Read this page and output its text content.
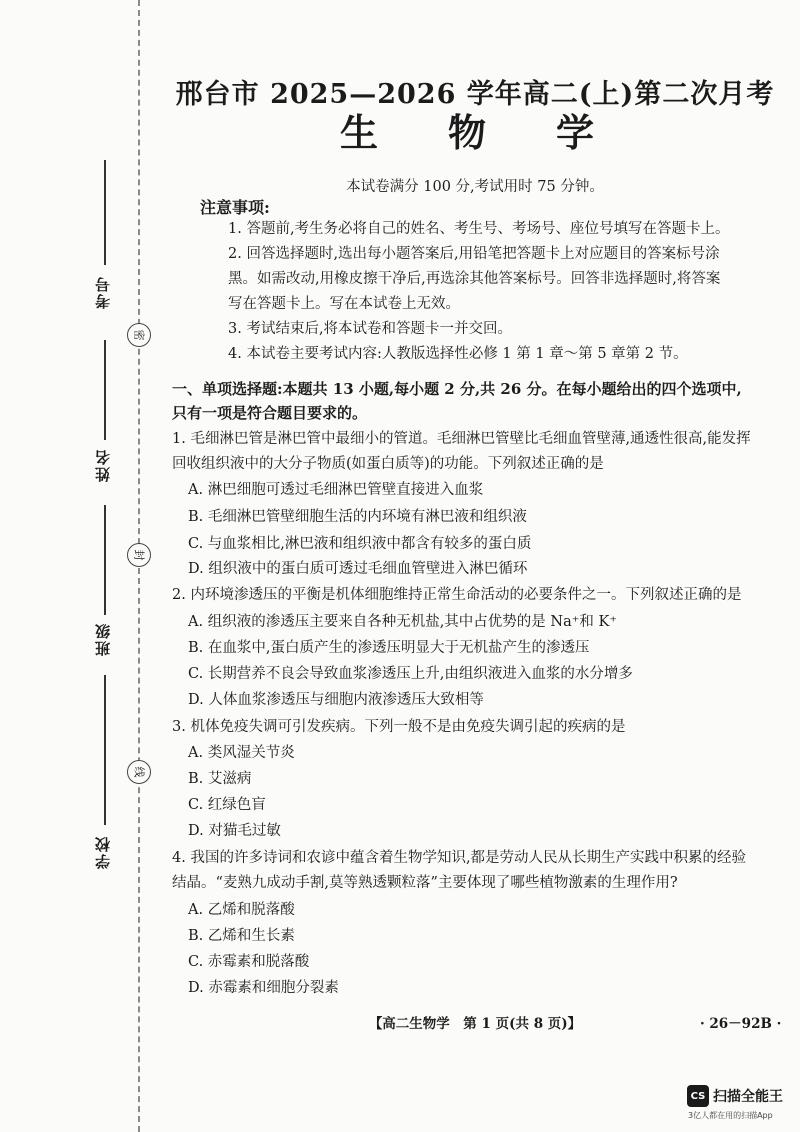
考号
姓名
班级
学校
密
封
线
邢台市 2025—2026 学年高二(上)第二次月考
生　物　学
本试卷满分 100 分,考试用时 75 分钟。
注意事项:
1. 答题前,考生务必将自己的姓名、考生号、考场号、座位号填写在答题卡上。
2. 回答选择题时,选出每小题答案后,用铅笔把答题卡上对应题目的答案标号涂黑。如需改动,用橡皮擦干净后,再选涂其他答案标号。回答非选择题时,将答案写在答题卡上。写在本试卷上无效。
3. 考试结束后,将本试卷和答题卡一并交回。
4. 本试卷主要考试内容:人教版选择性必修 1 第 1 章～第 5 章第 2 节。
一、单项选择题:本题共 13 小题,每小题 2 分,共 26 分。在每小题给出的四个选项中,只有一项是符合题目要求的。
1. 毛细淋巴管是淋巴管中最细小的管道。毛细淋巴管壁比毛细血管壁薄,通透性很高,能发挥回收组织液中的大分子物质(如蛋白质等)的功能。下列叙述正确的是
A. 淋巴细胞可透过毛细淋巴管壁直接进入血浆
B. 毛细淋巴管壁细胞生活的内环境有淋巴液和组织液
C. 与血浆相比,淋巴液和组织液中都含有较多的蛋白质
D. 组织液中的蛋白质可透过毛细血管壁进入淋巴循环
2. 内环境渗透压的平衡是机体细胞维持正常生命活动的必要条件之一。下列叙述正确的是
A. 组织液的渗透压主要来自各种无机盐,其中占优势的是 Na⁺和 K⁺
B. 在血浆中,蛋白质产生的渗透压明显大于无机盐产生的渗透压
C. 长期营养不良会导致血浆渗透压上升,由组织液进入血浆的水分增多
D. 人体血浆渗透压与细胞内液渗透压大致相等
3. 机体免疫失调可引发疾病。下列一般不是由免疫失调引起的疾病的是
A. 类风湿关节炎
B. 艾滋病
C. 红绿色盲
D. 对猫毛过敏
4. 我国的许多诗词和农谚中蕴含着生物学知识,都是劳动人民从长期生产实践中积累的经验结晶。“麦熟九成动手割,莫等熟透颗粒落”主要体现了哪些植物激素的生理作用?
A. 乙烯和脱落酸
B. 乙烯和生长素
C. 赤霉素和脱落酸
D. 赤霉素和细胞分裂素
【高二生物学　第 1 页(共 8 页)】	· 26－92B ·
CS 扫描全能王
3亿人都在用的扫描App
